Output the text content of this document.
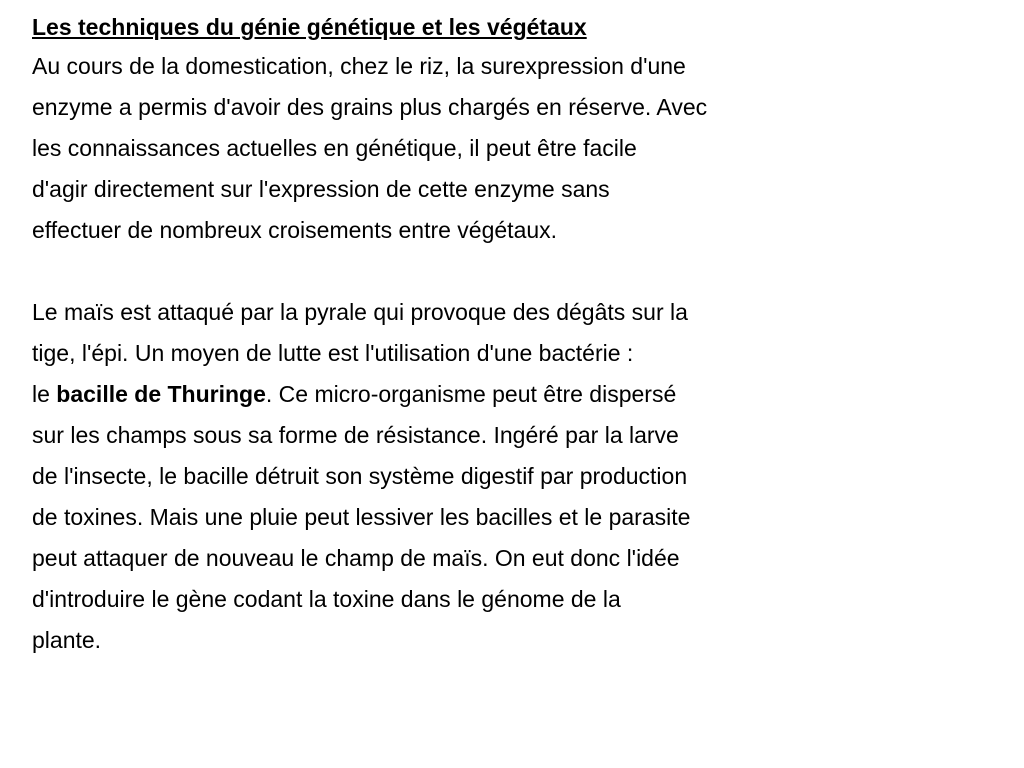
Les techniques du génie génétique et les végétaux

Au cours de la domestication, chez le riz, la surexpression d'une

enzyme a permis d'avoir des grains plus chargés en réserve. Avec

les connaissances actuelles en génétique, il peut être facile

d'agir directement sur l'expression de cette enzyme sans

effectuer de nombreux croisements entre végétaux.

Le maïs est attaqué par la pyrale qui provoque des dégâts sur la

tige, l'épi. Un moyen de lutte est l'utilisation d'une bactérie :

le bacille de Thuringe. Ce micro-organisme peut être dispersé

sur les champs sous sa forme de résistance. Ingéré par la larve

de l'insecte, le bacille détruit son système digestif par production

de toxines. Mais une pluie peut lessiver les bacilles et le parasite

peut attaquer de nouveau le champ de maïs. On eut donc l'idée

d'introduire le gène codant la toxine dans le génome de la

plante.
